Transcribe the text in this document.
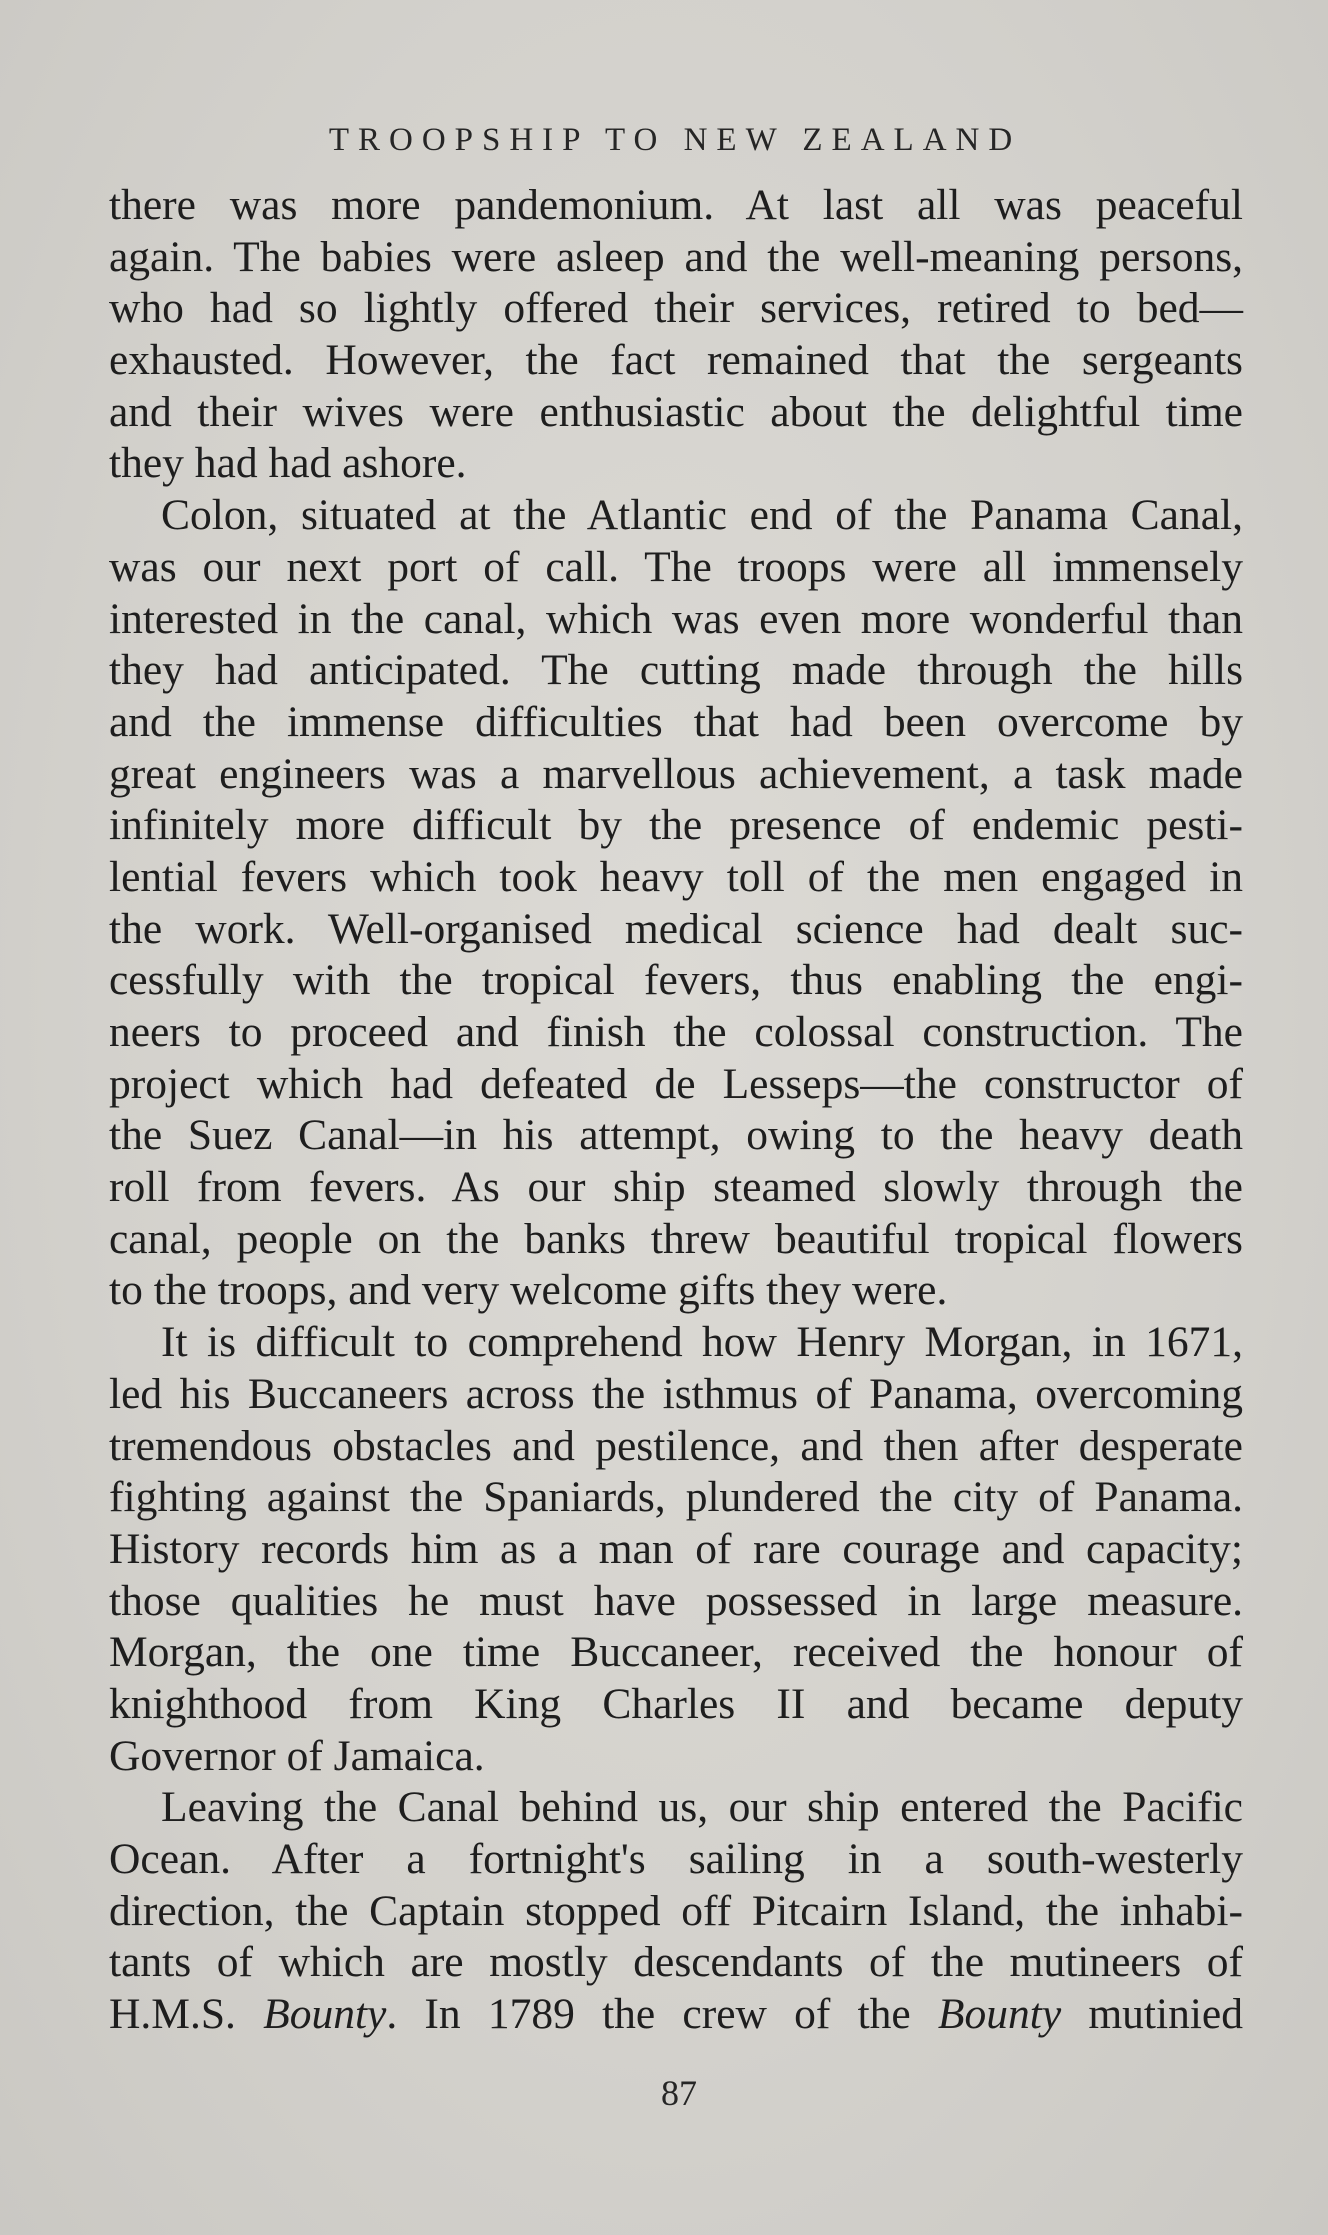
TROOPSHIP TO NEW ZEALAND
there was more pandemonium. At last all was peaceful
again. The babies were asleep and the well-meaning persons,
who had so lightly offered their services, retired to bed—
exhausted. However, the fact remained that the sergeants
and their wives were enthusiastic about the delightful time
they had had ashore.
Colon, situated at the Atlantic end of the Panama Canal,
was our next port of call. The troops were all immensely
interested in the canal, which was even more wonderful than
they had anticipated. The cutting made through the hills
and the immense difficulties that had been overcome by
great engineers was a marvellous achievement, a task made
infinitely more difficult by the presence of endemic pesti-
lential fevers which took heavy toll of the men engaged in
the work. Well-organised medical science had dealt suc-
cessfully with the tropical fevers, thus enabling the engi-
neers to proceed and finish the colossal construction. The
project which had defeated de Lesseps—the constructor of
the Suez Canal—in his attempt, owing to the heavy death
roll from fevers. As our ship steamed slowly through the
canal, people on the banks threw beautiful tropical flowers
to the troops, and very welcome gifts they were.
It is difficult to comprehend how Henry Morgan, in 1671,
led his Buccaneers across the isthmus of Panama, overcoming
tremendous obstacles and pestilence, and then after desperate
fighting against the Spaniards, plundered the city of Panama.
History records him as a man of rare courage and capacity;
those qualities he must have possessed in large measure.
Morgan, the one time Buccaneer, received the honour of
knighthood from King Charles II and became deputy
Governor of Jamaica.
Leaving the Canal behind us, our ship entered the Pacific
Ocean. After a fortnight's sailing in a south-westerly
direction, the Captain stopped off Pitcairn Island, the inhabi-
tants of which are mostly descendants of the mutineers of
H.M.S. Bounty. In 1789 the crew of the Bounty mutinied
87
